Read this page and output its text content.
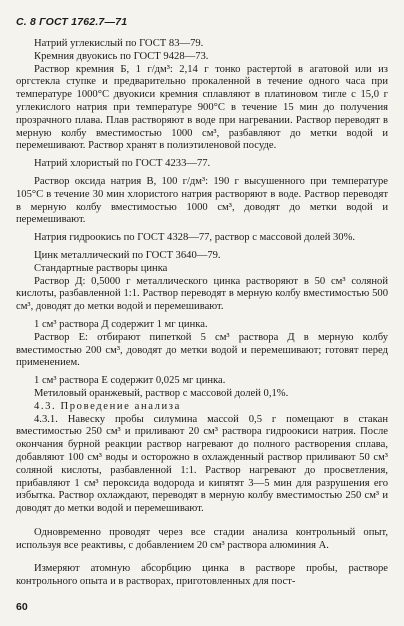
С. 8 ГОСТ 1762.7—71

Натрий углекислый по ГОСТ 83—79.

Кремния двуокись по ГОСТ 9428—73.

Раствор кремния Б, 1 г/дм³: 2,14 г тонко растертой в агатовой или из оргстекла ступке и предварительно прокаленной в течение одного часа при температуре 1000°С двуокиси кремния сплавляют в платиновом тигле с 15,0 г углекислого натрия при температуре 900°С в течение 15 мин до получения прозрачного плава. Плав растворяют в воде при нагревании. Раствор переводят в мерную колбу вместимостью 1000 см³, разбавляют до метки водой и перемешивают. Раствор хранят в полиэтиленовой посуде.

Натрий хлористый по ГОСТ 4233—77.

Раствор оксида натрия В, 100 г/дм³: 190 г высушенного при температуре 105°С в течение 30 мин хлористого натрия растворяют в воде. Раствор переводят в мерную колбу вместимостью 1000 см³, доводят до метки водой и перемешивают.

Натрия гидроокись по ГОСТ 4328—77, раствор с массовой долей 30%.

Цинк металлический по ГОСТ 3640—79.

Стандартные растворы цинка

Раствор Д: 0,5000 г металлического цинка растворяют в 50 см³ соляной кислоты, разбавленной 1:1. Раствор переводят в мерную колбу вместимостью 500 см³, доводят до метки водой и перемешивают.

1 см³ раствора Д содержит 1 мг цинка.

Раствор Е: отбирают пипеткой 5 см³ раствора Д в мерную колбу вместимостью 200 см³, доводят до метки водой и перемешивают; готовят перед применением.

1 см³ раствора Е содержит 0,025 мг цинка.

Метиловый оранжевый, раствор с массовой долей 0,1%.

4.3. Проведение анализа

4.3.1. Навеску пробы силумина массой 0,5 г помещают в стакан вместимостью 250 см³ и приливают 20 см³ раствора гидроокиси натрия. После окончания бурной реакции раствор нагревают до полного растворения сплава, добавляют 100 см³ воды и осторожно в охлажденный раствор приливают 50 см³ соляной кислоты, разбавленной 1:1. Раствор нагревают до просветления, прибавляют 1 см³ пероксида водорода и кипятят 3—5 мин для разрушения его избытка. Раствор охлаждают, переводят в мерную колбу вместимостью 250 см³ и доводят до метки водой и перемешивают.

Одновременно проводят через все стадии анализа контрольный опыт, используя все реактивы, с добавлением 20 см³ раствора алюминия А.

Измеряют атомную абсорбцию цинка в растворе пробы, растворе контрольного опыта и в растворах, приготовленных для пост-

60
